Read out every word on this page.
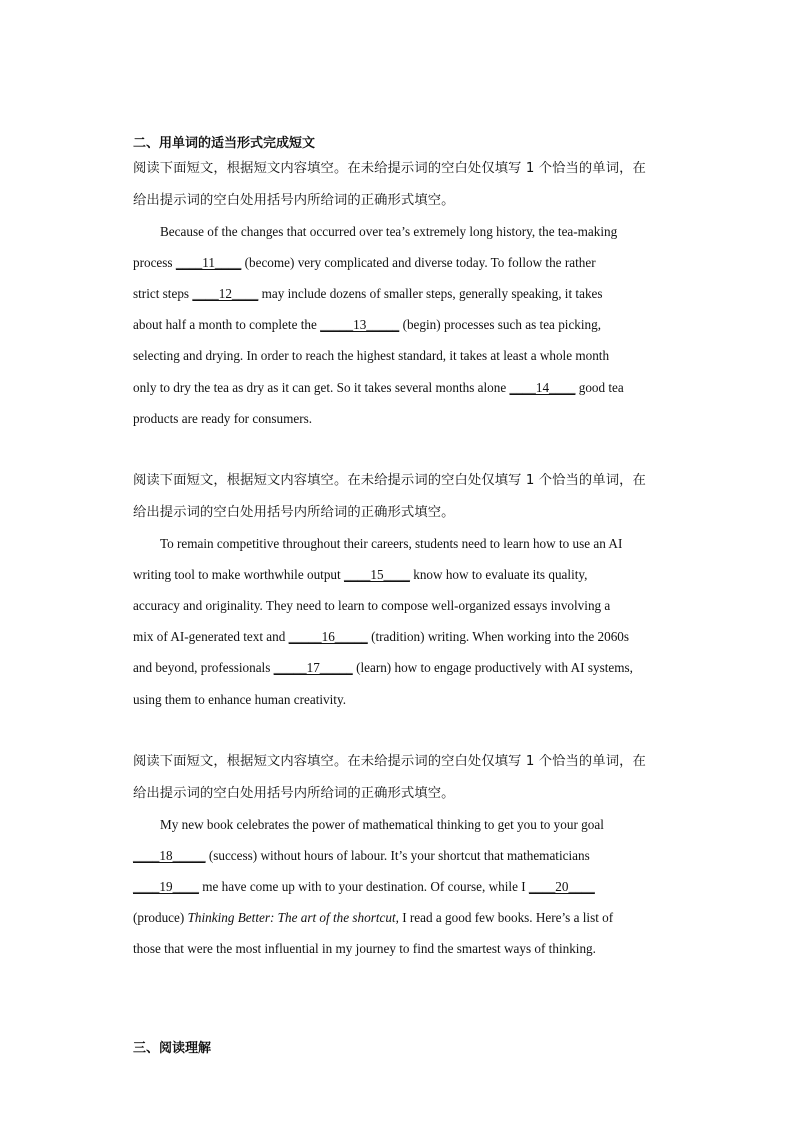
二、用单词的适当形式完成短文
阅读下面短文，根据短文内容填空。在未给提示词的空白处仅填写 1 个恰当的单词，在
给出提示词的空白处用括号内所给词的正确形式填空。
Because of the changes that occurred over tea’s extremely long history, the tea-making
process ____11____ (become) very complicated and diverse today. To follow the rather
strict steps ____12____ may include dozens of smaller steps, generally speaking, it takes
about half a month to complete the _____13_____ (begin) processes such as tea picking,
selecting and drying. In order to reach the highest standard, it takes at least a whole month
only to dry the tea as dry as it can get. So it takes several months alone ____14____ good tea
products are ready for consumers.
阅读下面短文，根据短文内容填空。在未给提示词的空白处仅填写 1 个恰当的单词，在
给出提示词的空白处用括号内所给词的正确形式填空。
To remain competitive throughout their careers, students need to learn how to use an AI
writing tool to make worthwhile output ____15____ know how to evaluate its quality,
accuracy and originality. They need to learn to compose well-organized essays involving a
mix of AI-generated text and _____16_____ (tradition) writing. When working into the 2060s
and beyond, professionals _____17_____ (learn) how to engage productively with AI systems,
using them to enhance human creativity.
阅读下面短文，根据短文内容填空。在未给提示词的空白处仅填写 1 个恰当的单词，在
给出提示词的空白处用括号内所给词的正确形式填空。
My new book celebrates the power of mathematical thinking to get you to your goal
____18_____ (success) without hours of labour. It’s your shortcut that mathematicians
____19____ me have come up with to your destination. Of course, while I ____20____
(produce) Thinking Better: The art of the shortcut, I read a good few books. Here’s a list of
those that were the most influential in my journey to find the smartest ways of thinking.
三、阅读理解
